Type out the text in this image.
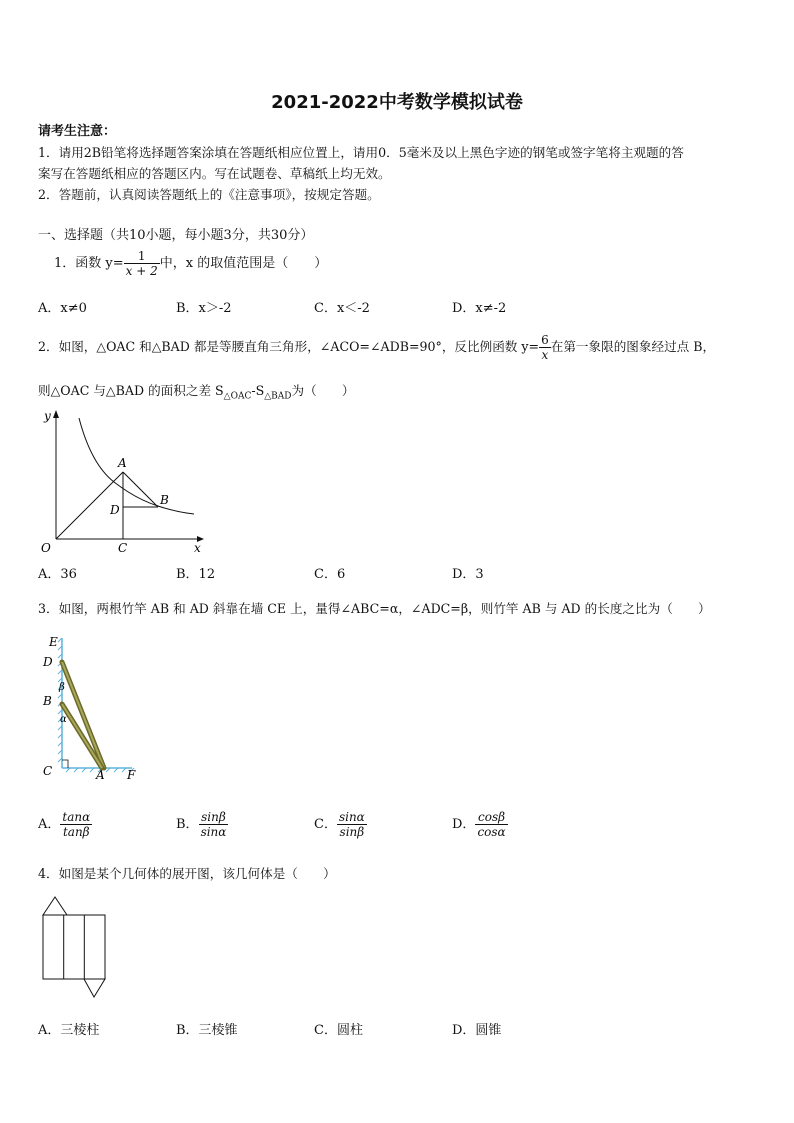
2021-2022中考数学模拟试卷
请考生注意：
1．请用2B铅笔将选择题答案涂填在答题纸相应位置上，请用0．5毫米及以上黑色字迹的钢笔或签字笔将主观题的答
案写在答题纸相应的答题区内。写在试题卷、草稿纸上均无效。
2．答题前，认真阅读答题纸上的《注意事项》，按规定答题。
一、选择题（共10小题，每小题3分，共30分）
1．函数 $y= \frac{1}{x + 2}$ 中，x 的取值范围是（　　）
A．x≠0	B．x＞-2	C．x＜-2	D．x≠-2
2．如图，△OAC 和△BAD 都是等腰直角三角形，∠ACO=∠ADB=90°，反比例函数 $y= \frac{6}{x}$ 在第一象限的图象经过点 B，
则△OAC 与△BAD 的面积之差 $S_{\triangle OAC}-S_{\triangle BAD}$为（　　）
y
x
O
A
B
C
D
A．36	B．12	C．6	D．3
3．如图，两根竹竿 AB 和 AD 斜靠在墙 CE 上，量得∠ABC=α，∠ADC=β，则竹竿 AB 与 AD 的长度之比为（　　）
E
D
B
C	A F
β
α
A． $\frac{\tan\alpha}{\tan\beta}$	B． $\frac{\sin\beta}{\sin\alpha}$	C． $\frac{\sin\alpha}{\sin\beta}$	D． $\frac{\cos\beta}{\cos\alpha}$
4．如图是某个几何体的展开图，该几何体是（　　）
A．三棱柱	B．三棱锥	C．圆柱	D．圆锥
